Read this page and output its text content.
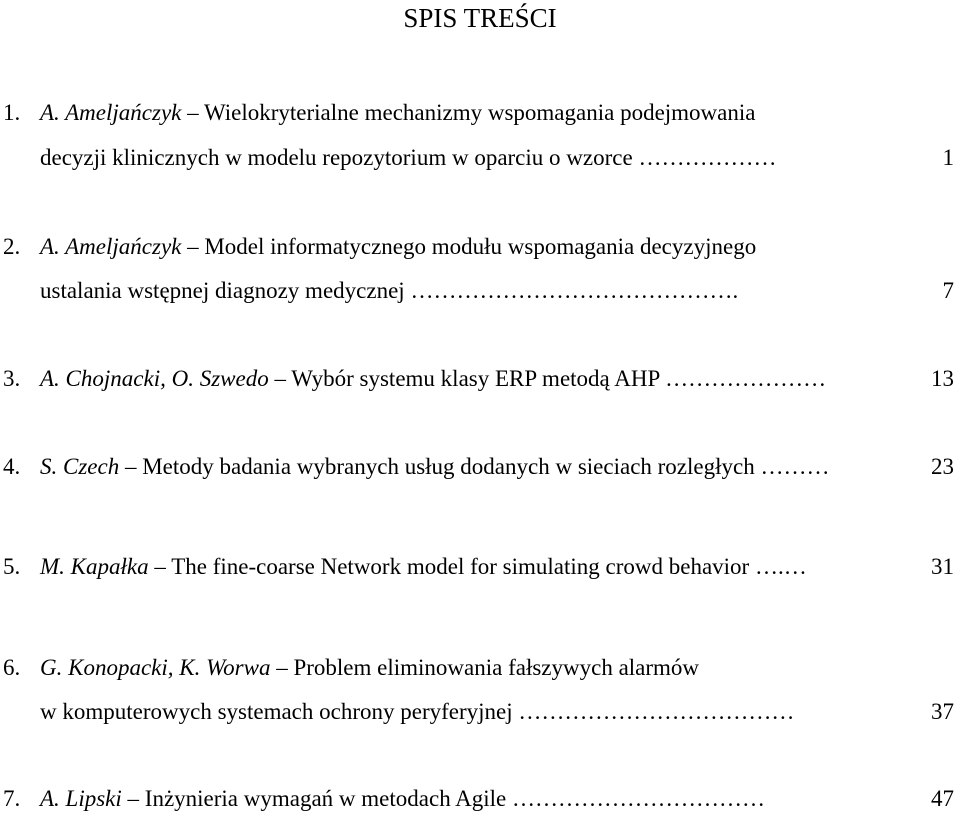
SPIS TREŚCI
1. A. Ameljańczyk – Wielokryterialne mechanizmy wspomagania podejmowania
decyzji klinicznych w modelu repozytorium w oparciu o wzorce ………………	1
2. A. Ameljańczyk – Model informatycznego modułu wspomagania decyzyjnego
ustalania wstępnej diagnozy medycznej …………………………………….	7
3. A. Chojnacki, O. Szwedo – Wybór systemu klasy ERP metodą AHP …………………	13
4. S. Czech – Metody badania wybranych usług dodanych w sieciach rozległych ………	23
5. M. Kapałka – The fine-coarse Network model for simulating crowd behavior ….…	31
6. G. Konopacki, K. Worwa – Problem eliminowania fałszywych alarmów
w komputerowych systemach ochrony peryferyjnej ………………………………	37
7. A. Lipski – Inżynieria wymagań w metodach Agile ……………………………	47
